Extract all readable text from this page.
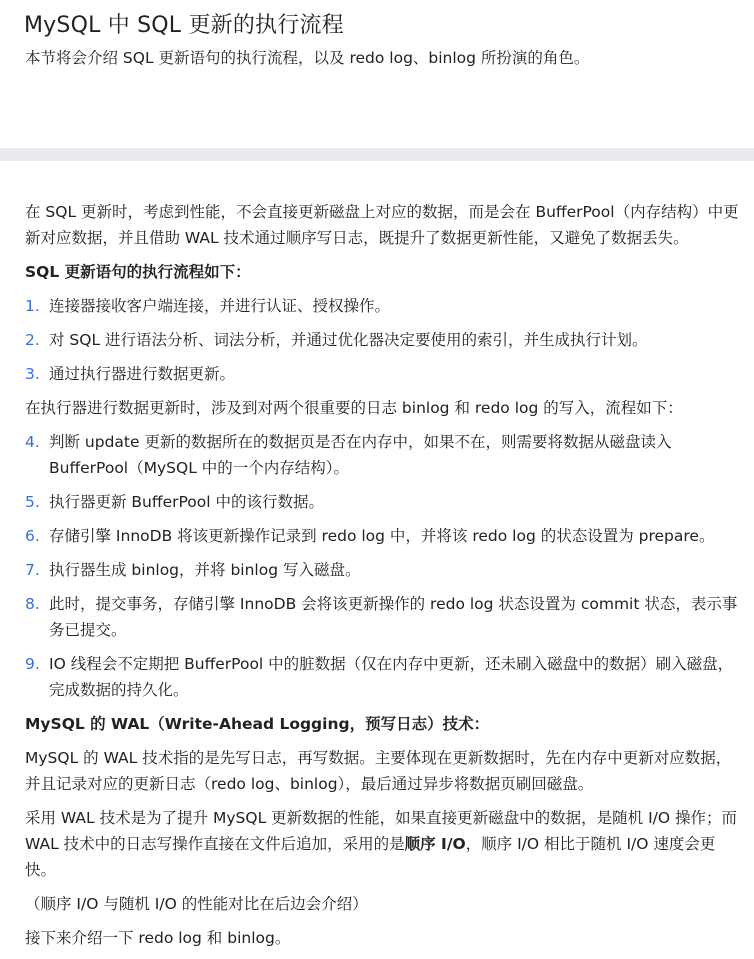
MySQL 中 SQL 更新的执行流程
本节将会介绍 SQL 更新语句的执行流程，以及 redo log、binlog 所扮演的角色。

在 SQL 更新时，考虑到性能，不会直接更新磁盘上对应的数据，而是会在 BufferPool（内存结构）中更新对应数据，并且借助 WAL 技术通过顺序写日志，既提升了数据更新性能，又避免了数据丢失。

SQL 更新语句的执行流程如下：

1. 连接器接收客户端连接，并进行认证、授权操作。
2. 对 SQL 进行语法分析、词法分析，并通过优化器决定要使用的索引，并生成执行计划。
3. 通过执行器进行数据更新。

在执行器进行数据更新时，涉及到对两个很重要的日志 binlog 和 redo log 的写入，流程如下：

4. 判断 update 更新的数据所在的数据页是否在内存中，如果不在，则需要将数据从磁盘读入 BufferPool（MySQL 中的一个内存结构）。
5. 执行器更新 BufferPool 中的该行数据。
6. 存储引擎 InnoDB 将该更新操作记录到 redo log 中，并将该 redo log 的状态设置为 prepare。
7. 执行器生成 binlog，并将 binlog 写入磁盘。
8. 此时，提交事务，存储引擎 InnoDB 会将该更新操作的 redo log 状态设置为 commit 状态，表示事务已提交。
9. IO 线程会不定期把 BufferPool 中的脏数据（仅在内存中更新，还未刷入磁盘中的数据）刷入磁盘，完成数据的持久化。

MySQL 的 WAL（Write-Ahead Logging，预写日志）技术：

MySQL 的 WAL 技术指的是先写日志，再写数据。主要体现在更新数据时，先在内存中更新对应数据，并且记录对应的更新日志（redo log、binlog），最后通过异步将数据页刷回磁盘。

采用 WAL 技术是为了提升 MySQL 更新数据的性能，如果直接更新磁盘中的数据，是随机 I/O 操作；而 WAL 技术中的日志写操作直接在文件后追加，采用的是顺序 I/O，顺序 I/O 相比于随机 I/O 速度会更快。

（顺序 I/O 与随机 I/O 的性能对比在后边会介绍）

接下来介绍一下 redo log 和 binlog。
